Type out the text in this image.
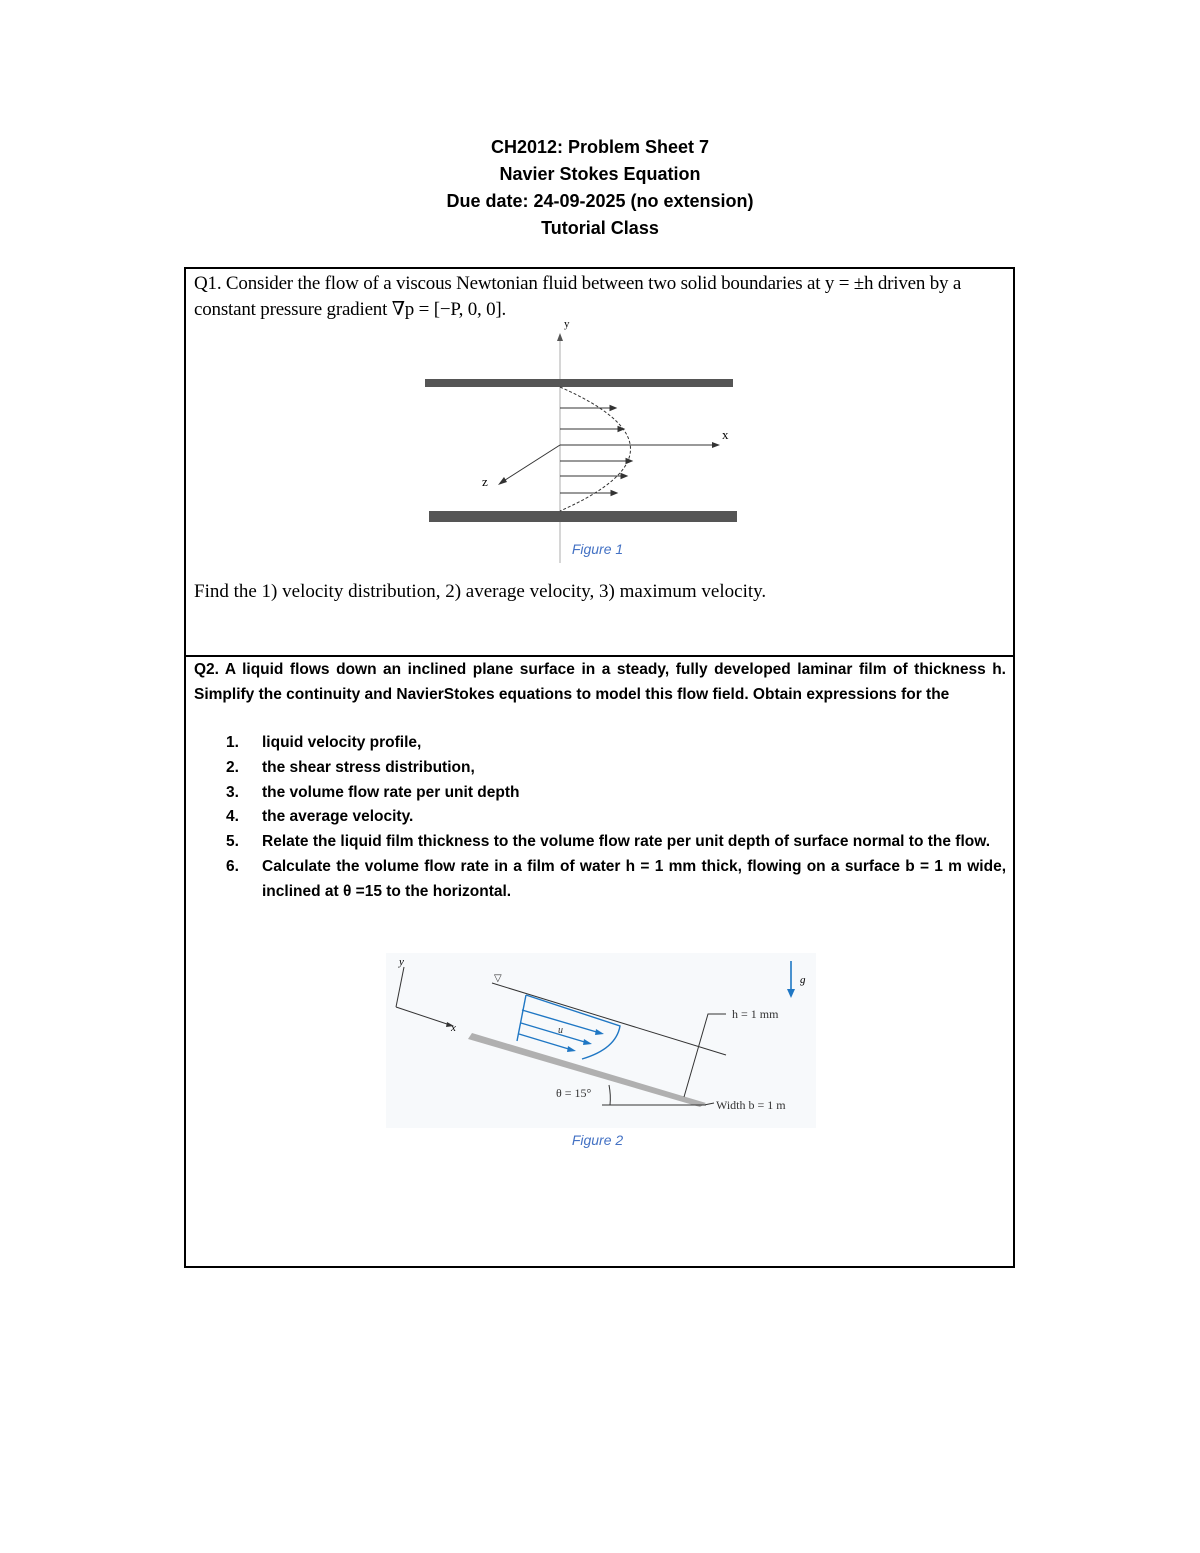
CH2012: Problem Sheet 7
Navier Stokes Equation
Due date: 24-09-2025 (no extension)
Tutorial Class
Q1. Consider the flow of a viscous Newtonian fluid between two solid boundaries at y = ±h driven by a constant pressure gradient ∇p = [−P, 0, 0].
y
x
z
Figure 1
Find the 1) velocity distribution, 2) average velocity, 3) maximum velocity.
Q2. A liquid flows down an inclined plane surface in a steady, fully developed laminar film of thickness h. Simplify the continuity and NavierStokes equations to model this flow field. Obtain expressions for the
1. liquid velocity profile,
2. the shear stress distribution,
3. the volume flow rate per unit depth
4. the average velocity.
5. Relate the liquid film thickness to the volume flow rate per unit depth of surface normal to the flow.
6. Calculate the volume flow rate in a film of water h = 1 mm thick, flowing on a surface b = 1 m wide, inclined at θ =15 to the horizontal.
y
x
▽
u
g
h = 1 mm
θ = 15°
Width b = 1 m
Figure 2
